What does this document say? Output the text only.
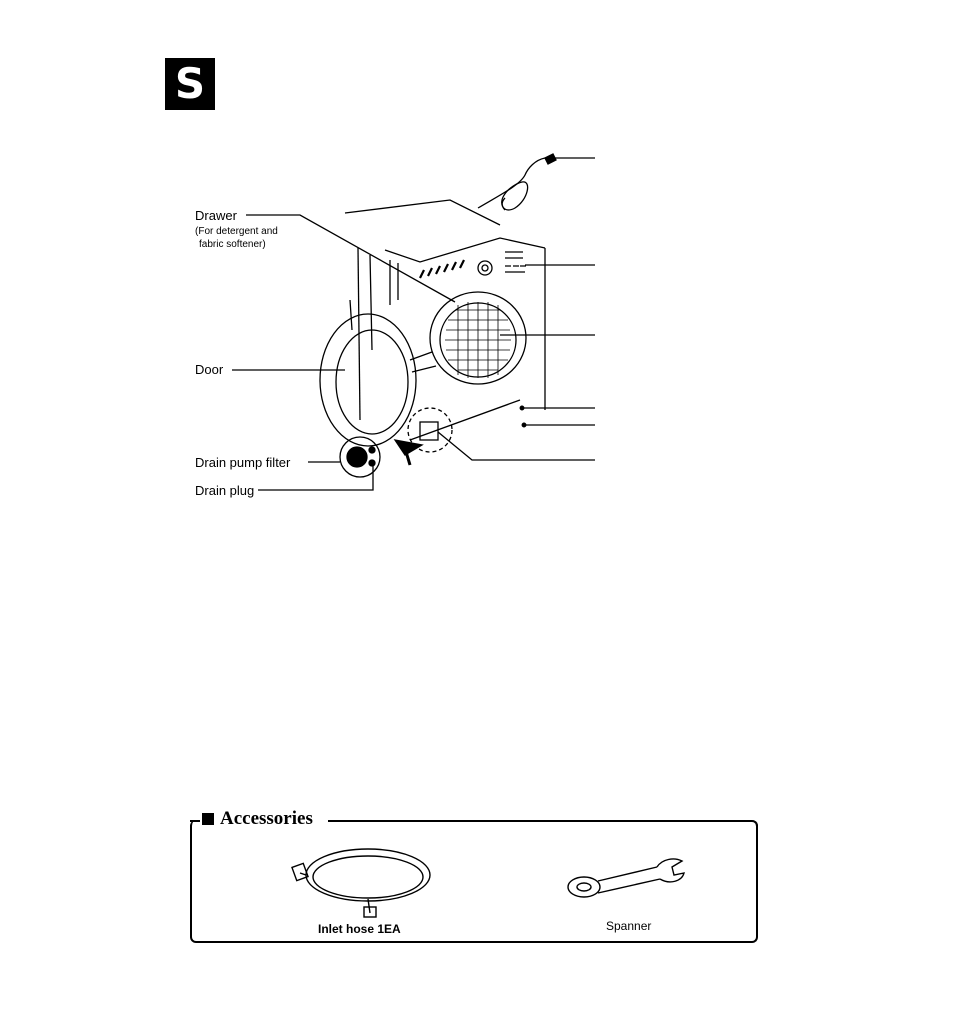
S
Drawer
(For detergent and
fabric softener)
Door
Drain pump filter
Drain plug
Accessories
Inlet hose 1EA	Spanner
